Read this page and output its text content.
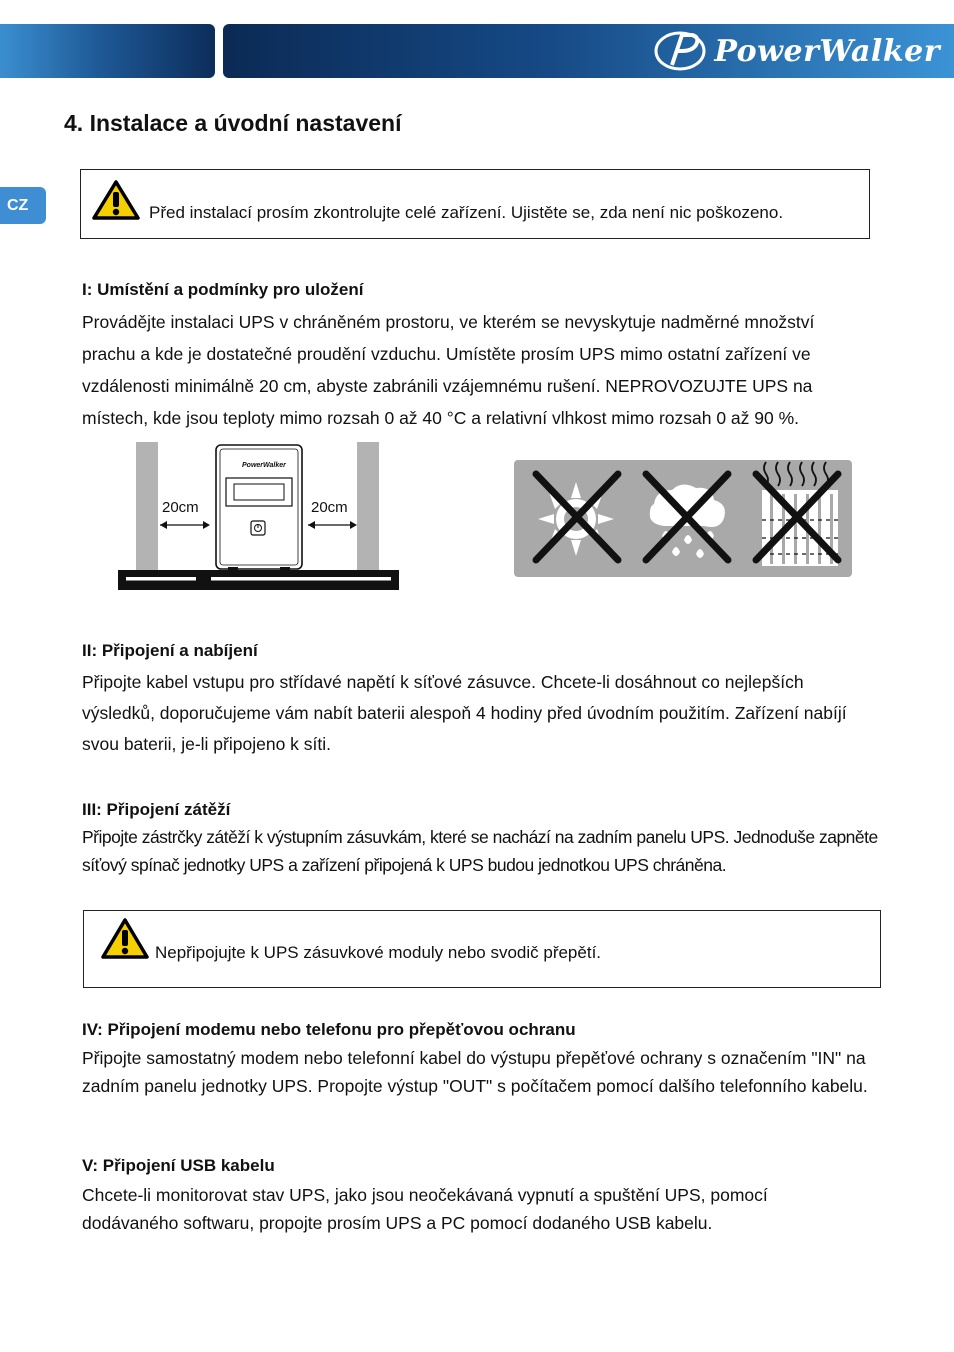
PowerWalker
4. Instalace a úvodní nastavení
CZ	Před instalací prosím zkontrolujte celé zařízení. Ujistěte se, zda není nic poškozeno.
I: Umístění a podmínky pro uložení

Provádějte instalaci UPS v chráněném prostoru, ve kterém se nevyskytuje nadměrné množství prachu a kde je dostatečné proudění vzduchu. Umístěte prosím UPS mimo ostatní zařízení ve vzdálenosti minimálně 20 cm, abyste zabránili vzájemnému rušení. NEPROVOZUJTE UPS na místech, kde jsou teploty mimo rozsah 0 až 40 °C a relativní vlhkost mimo rozsah 0 až 90 %.

PowerWalker
20cm	20cm
II: Připojení a nabíjení

Připojte kabel vstupu pro střídavé napětí k síťové zásuvce. Chcete-li dosáhnout co nejlepších výsledků, doporučujeme vám nabít baterii alespoň 4 hodiny před úvodním použitím. Zařízení nabíjí svou baterii, je-li připojeno k síti.

III: Připojení zátěží

Připojte zástrčky zátěží k výstupním zásuvkám, které se nachází na zadním panelu UPS. Jednoduše zapněte síťový spínač jednotky UPS a zařízení připojená k UPS budou jednotkou UPS chráněna.

Nepřipojujte k UPS zásuvkové moduly nebo svodič přepětí.
IV: Připojení modemu nebo telefonu pro přepěťovou ochranu

Připojte samostatný modem nebo telefonní kabel do výstupu přepěťové ochrany s označením "IN" na zadním panelu jednotky UPS. Propojte výstup "OUT" s počítačem pomocí dalšího telefonního kabelu.

V: Připojení USB kabelu

Chcete-li monitorovat stav UPS, jako jsou neočekávaná vypnutí a spuštění UPS, pomocí dodávaného softwaru, propojte prosím UPS a PC pomocí dodaného USB kabelu.
